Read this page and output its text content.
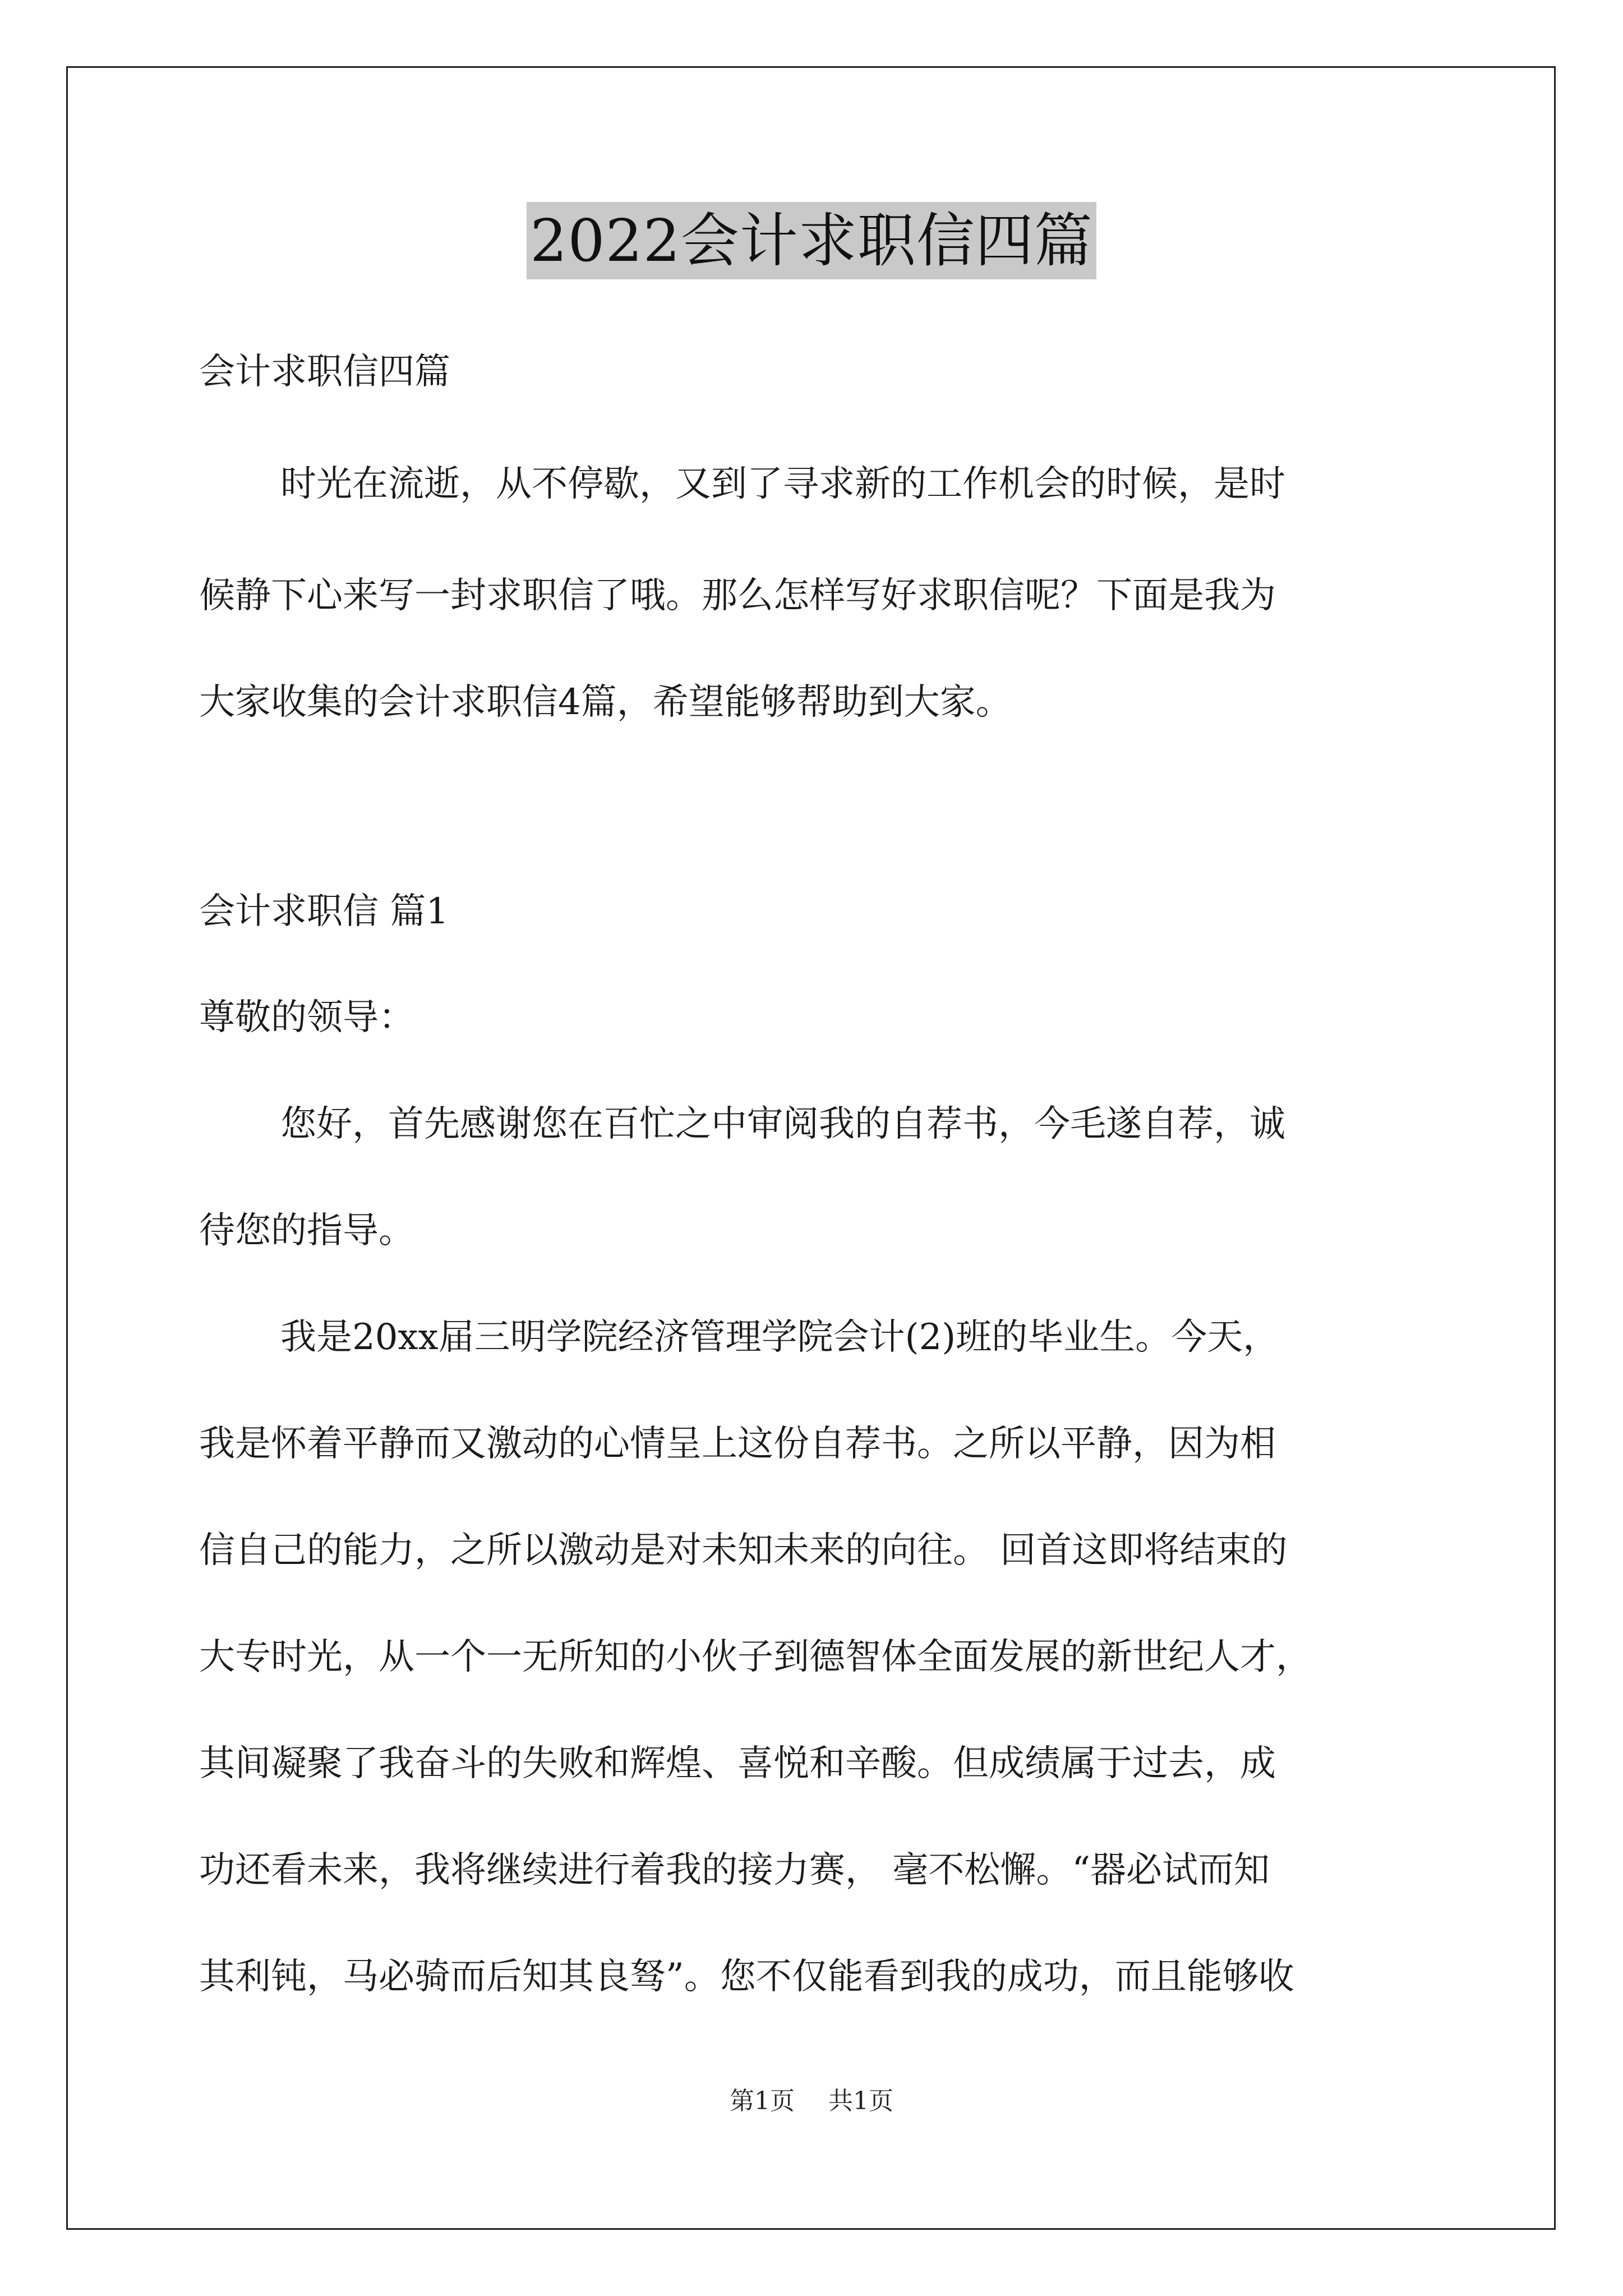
2022会计求职信四篇

会计求职信四篇

时光在流逝，从不停歇，又到了寻求新的工作机会的时候，是时

候静下心来写一封求职信了哦。那么怎样写好求职信呢？下面是我为

大家收集的会计求职信4篇，希望能够帮助到大家。

会计求职信 篇1

尊敬的领导：

您好，首先感谢您在百忙之中审阅我的自荐书，今毛遂自荐，诚

待您的指导。

我是20xx届三明学院经济管理学院会计(2)班的毕业生。今天，

我是怀着平静而又激动的心情呈上这份自荐书。之所以平静，因为相

信自己的能力，之所以激动是对未知未来的向往。 回首这即将结束的

大专时光，从一个一无所知的小伙子到德智体全面发展的新世纪人才，

其间凝聚了我奋斗的失败和辉煌、喜悦和辛酸。但成绩属于过去，成

功还看未来，我将继续进行着我的接力赛， 毫不松懈。“器必试而知

其利钝，马必骑而后知其良驽”。您不仅能看到我的成功，而且能够收

第1页 共1页
